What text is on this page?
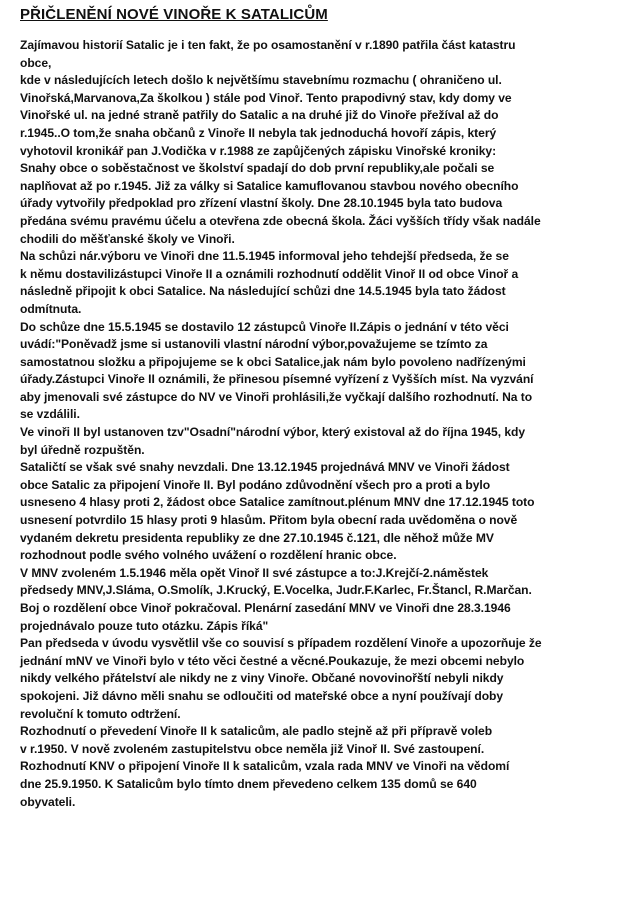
PŘIČLENĚNÍ NOVÉ VINOŘE K SATALICŮM
Zajímavou historií Satalic je i ten fakt, že po osamostanění v r.1890 patřila část katastru
obce,
kde v následujících letech došlo k největšímu stavebnímu rozmachu ( ohraničeno ul.
Vinořská,Marvanova,Za školkou ) stále pod Vinoř. Tento prapodivný stav, kdy domy ve
Vinořské ul. na jedné straně patřily do Satalic a na druhé již do Vinoře přežíval až do
r.1945..O tom,že snaha občanů z Vinoře II nebyla tak jednoduchá hovoří zápis, který
vyhotovil kronikář pan J.Vodička v r.1988 ze zapůjčených zápisku Vinořské kroniky:
Snahy obce o soběstačnost ve školství spadají do dob první republiky,ale počali se
naplňovat až po r.1945. Již za války si Satalice kamuflovanou stavbou nového obecního
úřady vytvořily předpoklad pro zřízení vlastní školy. Dne 28.10.1945 byla tato budova
předána svému pravému účelu a otevřena zde obecná škola. Žáci vyšších třídy však nadále
chodili do měšťanské školy ve Vinoři.
Na schůzi nár.výboru ve Vinoři dne 11.5.1945 informoval jeho tehdejší předseda, že se
k němu dostavilizástupci Vinoře II a oznámili rozhodnutí oddělit Vinoř II od obce Vinoř a
následně připojit k obci Satalice. Na následující schůzi dne 14.5.1945 byla tato žádost
odmítnuta.
Do schůze dne 15.5.1945 se dostavilo 12 zástupců Vinoře II.Zápis o jednání v této věci
uvádí:"Poněvadž jsme si ustanovili vlastní národní výbor,považujeme se tzímto za
samostatnou složku a připojujeme se k obci Satalice,jak nám bylo povoleno nadřízenými
úřady.Zástupci Vinoře II oznámili, že přinesou písemné vyřízení z Vyšších míst. Na vyzvání
aby jmenovali své zástupce do NV ve Vinoři prohlásili,že vyčkají dalšího rozhodnutí. Na to
se vzdálili.
Ve vinoři II byl ustanoven tzv"Osadní"národní výbor, který existoval až do října 1945, kdy
byl úředně rozpuštěn.
Sataličtí se však své snahy nevzdali. Dne 13.12.1945 projednává MNV ve Vinoři žádost
obce Satalic za připojení Vinoře II. Byl podáno zdůvodnění všech pro a proti a bylo
usneseno 4 hlasy proti 2, žádost obce Satalice zamítnout.plénum MNV dne 17.12.1945 toto
usnesení potvrdilo 15 hlasy proti 9 hlasům. Přitom byla obecní rada uvědoměna o nově
vydaném dekretu presidenta republiky ze dne 27.10.1945 č.121, dle něhož může MV
rozhodnout podle svého volného uvážení o rozdělení hranic obce.
V MNV zvoleném 1.5.1946 měla opět Vinoř II své zástupce a to:J.Krejčí-2.náměstek
předsedy MNV,J.Sláma, O.Smolík, J.Krucký, E.Vocelka, Judr.F.Karlec, Fr.Štancl, R.Marčan.
Boj o rozdělení obce Vinoř pokračoval. Plenární zasedání MNV ve Vinoři dne 28.3.1946
projednávalo pouze tuto otázku. Zápis říká"
Pan předseda v úvodu vysvětlil vše co souvisí s případem rozdělení Vinoře a upozorňuje že
jednání mNV ve Vinoři bylo v této věci čestné a věcné.Poukazuje, že mezi obcemi nebylo
nikdy velkého přátelství ale nikdy ne z viny Vinoře. Občané novovinořští nebyli nikdy
spokojeni. Již dávno měli snahu se odloučiti od mateřské obce a nyní používají doby
revoluční k tomuto odtržení.
Rozhodnutí o převedení Vinoře II k satalicům, ale padlo stejně až při přípravě voleb
v r.1950. V nově zvoleném zastupitelstvu obce neměla již Vinoř II. Své zastoupení.
Rozhodnutí KNV o připojení Vinoře II k satalicům, vzala rada MNV ve Vinoři na vědomí
dne 25.9.1950. K Satalicům bylo tímto dnem převedeno celkem 135 domů se 640
obyvateli.
